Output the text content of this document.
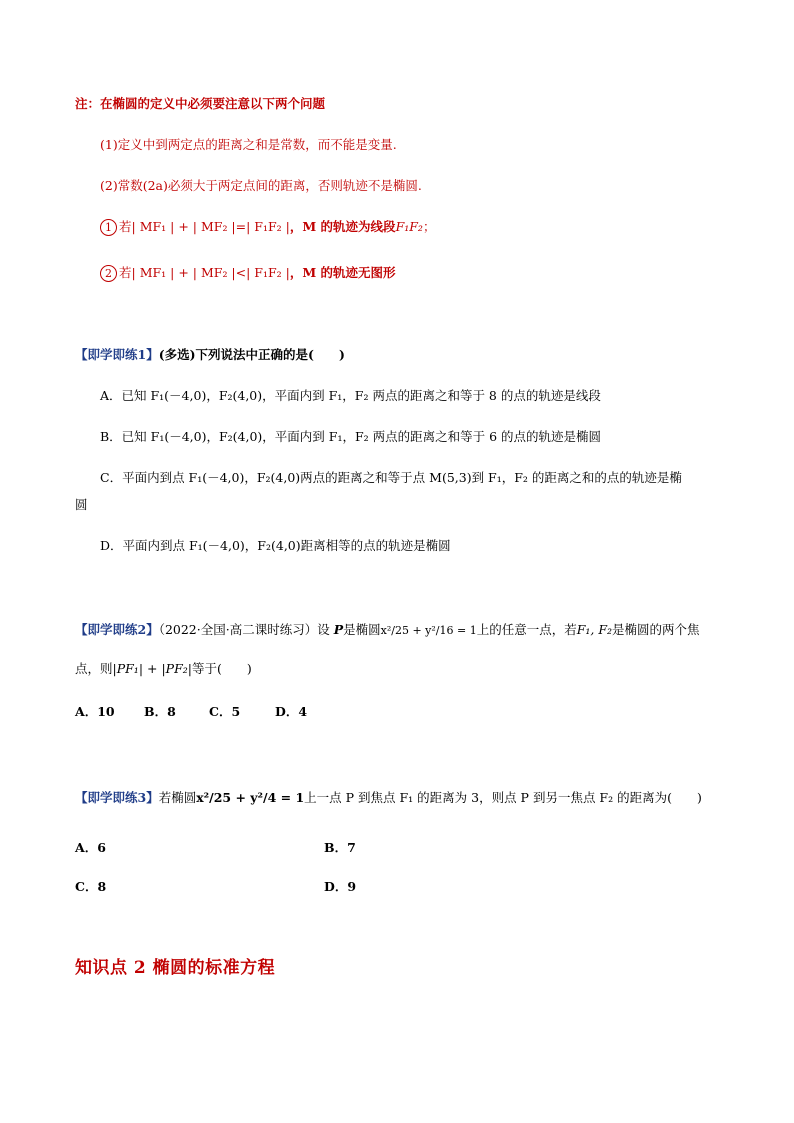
注：在椭圆的定义中必须要注意以下两个问题
(1)定义中到两定点的距离之和是常数，而不能是变量.
(2)常数(2a)必须大于两定点间的距离，否则轨迹不是椭圆.
1 若| MF₁ | + | MF₂ |=| F₁F₂ |，M 的轨迹为线段F₁F₂；
2 若| MF₁ | + | MF₂ |<| F₁F₂ |，M 的轨迹无图形
【即学即练1】(多选)下列说法中正确的是(　　)
A．已知 F₁(－4,0)，F₂(4,0)，平面内到 F₁，F₂ 两点的距离之和等于 8 的点的轨迹是线段
B．已知 F₁(－4,0)，F₂(4,0)，平面内到 F₁，F₂ 两点的距离之和等于 6 的点的轨迹是椭圆
C．平面内到点 F₁(－4,0)，F₂(4,0)两点的距离之和等于点 M(5,3)到 F₁，F₂ 的距离之和的点的轨迹是椭
圆
D．平面内到点 F₁(－4,0)，F₂(4,0)距离相等的点的轨迹是椭圆
【即学即练2】（2022·全国·高二课时练习）设 P是椭圆x²/25 + y²/16 = 1上的任意一点，若F₁, F₂是椭圆的两个焦
点，则|PF₁| + |PF₂|等于(　　)
A．10 B．8	C．5	D．4
【即学即练3】若椭圆x²/25 + y²/4 = 1上一点 P 到焦点 F₁ 的距离为 3，则点 P 到另一焦点 F₂ 的距离为(　　)
A．6	B．7
C．8	D．9
知识点 2 椭圆的标准方程
